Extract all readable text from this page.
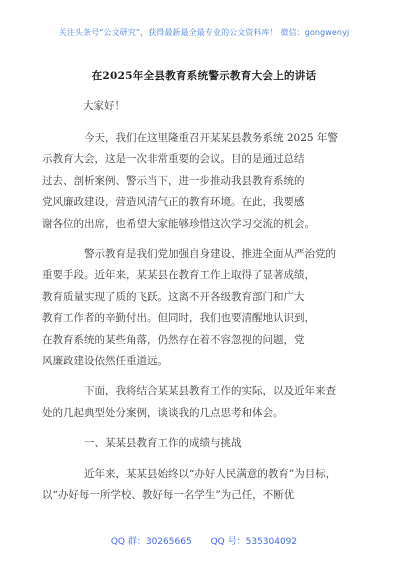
关注头条号“公文研究”，获得最新最全最专业的公文资料库！ 微信：gongwenyj
在2025年全县教育系统警示教育大会上的讲话
大家好！
今天，我们在这里隆重召开某某县教务系统 2025 年警
示教育大会，这是一次非常重要的会议。目的是通过总结
过去、剖析案例、警示当下，进一步推动我县教育系统的
党风廉政建设，营造风清气正的教育环境。在此，我要感
谢各位的出席，也希望大家能够珍惜这次学习交流的机会。
警示教育是我们党加强自身建设、推进全面从严治党的
重要手段。近年来，某某县在教育工作上取得了显著成绩，
教育质量实现了质的飞跃。这离不开各级教育部门和广大
教育工作者的辛勤付出。但同时，我们也要清醒地认识到，
在教育系统的某些角落，仍然存在着不容忽视的问题，党
风廉政建设依然任重道远。
下面，我将结合某某县教育工作的实际，以及近年来查
处的几起典型处分案例，谈谈我的几点思考和体会。
一、某某县教育工作的成绩与挑战
近年来，某某县始终以“办好人民满意的教育”为目标，
以“办好每一所学校、教好每一名学生”为己任，不断优
QQ 群：30265665 QQ 号：535304092
